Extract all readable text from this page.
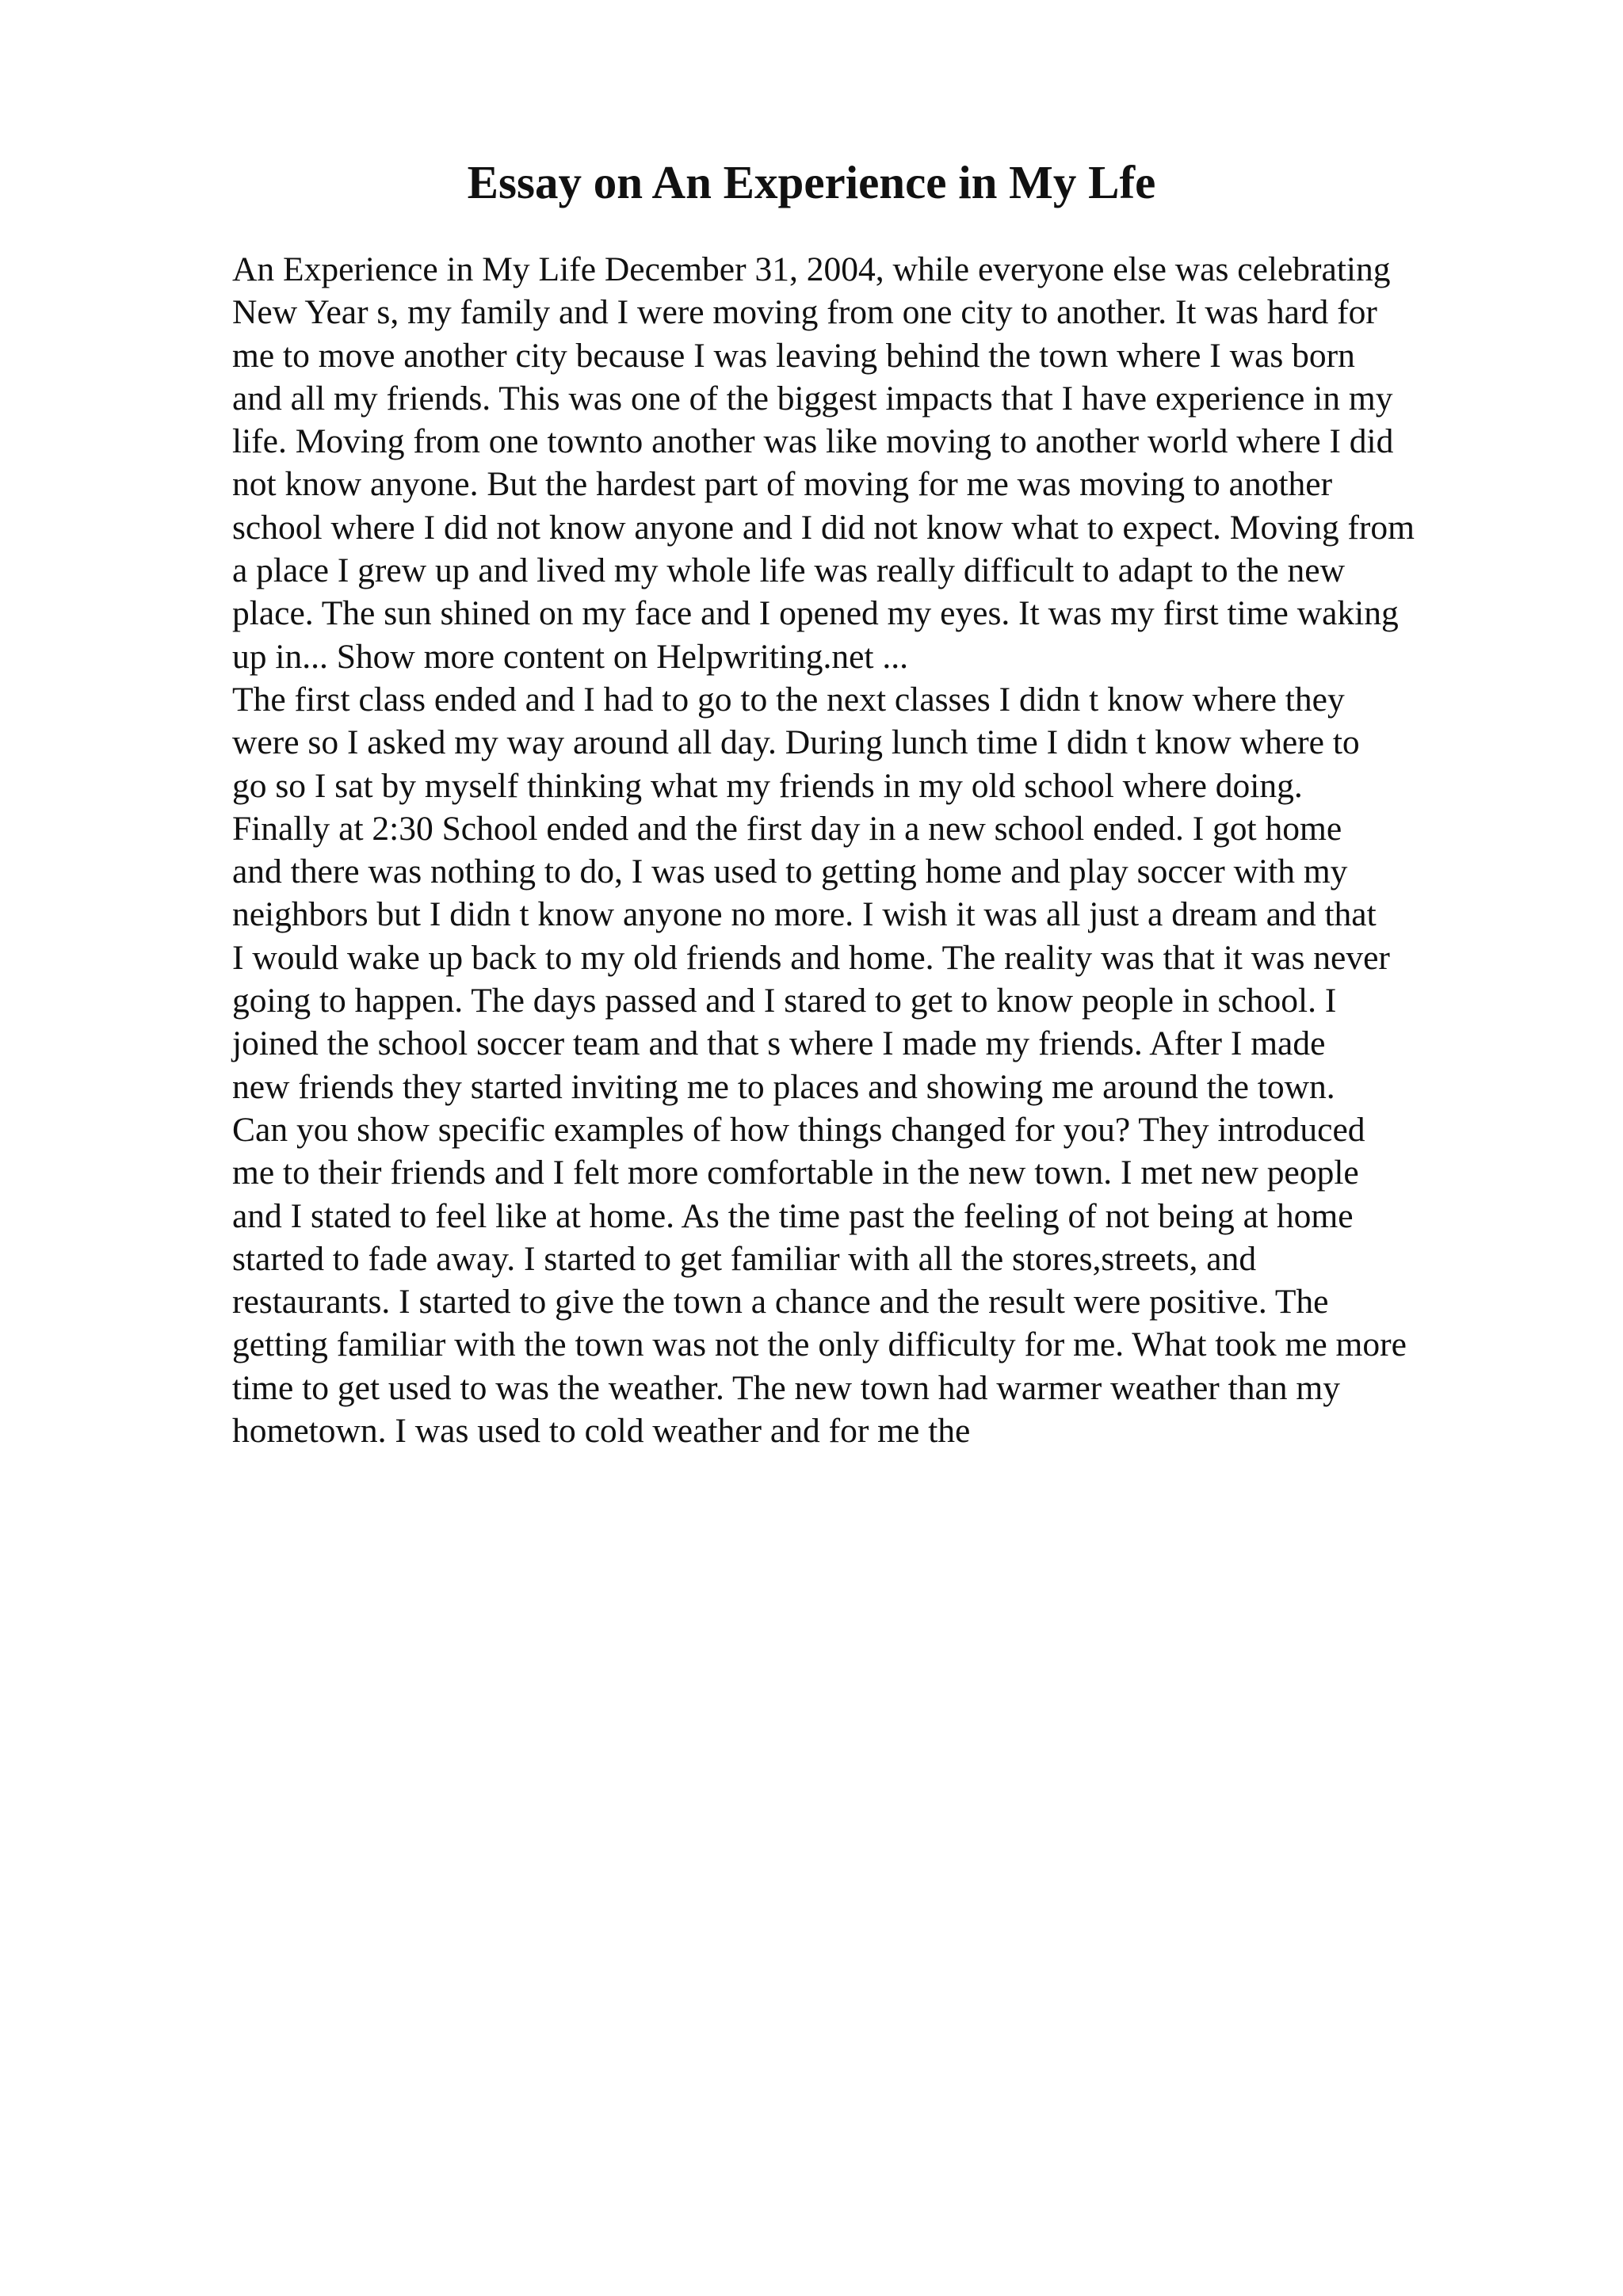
Essay on An Experience in My Lfe
An Experience in My Life December 31, 2004, while everyone else was celebrating
New Year s, my family and I were moving from one city to another. It was hard for
me to move another city because I was leaving behind the town where I was born
and all my friends. This was one of the biggest impacts that I have experience in my
life. Moving from one townto another was like moving to another world where I did
not know anyone. But the hardest part of moving for me was moving to another
school where I did not know anyone and I did not know what to expect. Moving from
a place I grew up and lived my whole life was really difficult to adapt to the new
place. The sun shined on my face and I opened my eyes. It was my first time waking
up in... Show more content on Helpwriting.net ...
The first class ended and I had to go to the next classes I didn t know where they
were so I asked my way around all day. During lunch time I didn t know where to
go so I sat by myself thinking what my friends in my old school where doing.
Finally at 2:30 School ended and the first day in a new school ended. I got home
and there was nothing to do, I was used to getting home and play soccer with my
neighbors but I didn t know anyone no more. I wish it was all just a dream and that
I would wake up back to my old friends and home. The reality was that it was never
going to happen. The days passed and I stared to get to know people in school. I
joined the school soccer team and that s where I made my friends. After I made
new friends they started inviting me to places and showing me around the town.
Can you show specific examples of how things changed for you? They introduced
me to their friends and I felt more comfortable in the new town. I met new people
and I stated to feel like at home. As the time past the feeling of not being at home
started to fade away. I started to get familiar with all the stores,streets, and
restaurants. I started to give the town a chance and the result were positive. The
getting familiar with the town was not the only difficulty for me. What took me more
time to get used to was the weather. The new town had warmer weather than my
hometown. I was used to cold weather and for me the
